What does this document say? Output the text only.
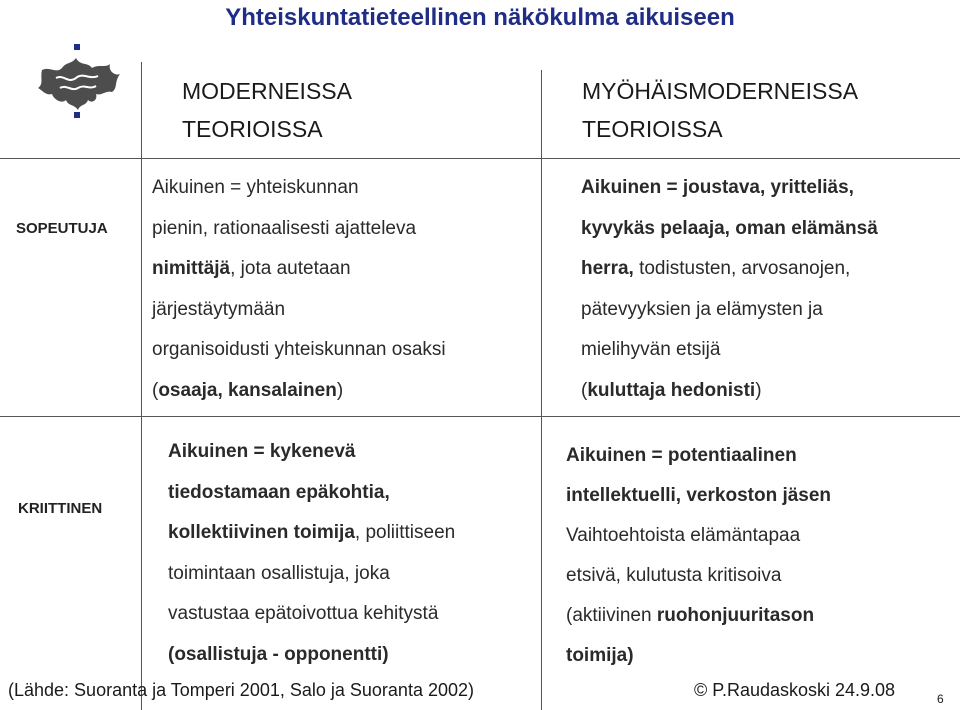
Yhteiskuntatieteellinen näkökulma aikuiseen
MODERNEISSA
TEORIOISSA
MYÖHÄISMODERNEISSA
TEORIOISSA
SOPEUTUJA
KRIITTINEN
Aikuinen = yhteiskunnan
pienin, rationaalisesti ajatteleva
nimittäjä, jota autetaan
järjestäytymään
organisoidusti yhteiskunnan osaksi
(osaaja, kansalainen)
Aikuinen = joustava, yritteliäs,
kyvykäs pelaaja, oman elämänsä
herra, todistusten, arvosanojen,
pätevyyksien ja elämysten ja
mielihyvän etsijä
(kuluttaja hedonisti)
Aikuinen = kykenevä
tiedostamaan epäkohtia,
kollektiivinen toimija, poliittiseen
toimintaan osallistuja, joka
vastustaa epätoivottua kehitystä
(osallistuja - opponentti)
Aikuinen = potentiaalinen
intellektuelli, verkoston jäsen
Vaihtoehtoista elämäntapaa
etsivä, kulutusta kritisoiva
(aktiivinen ruohonjuuritason
toimija)
(Lähde: Suoranta ja Tomperi 2001, Salo ja Suoranta 2002)	© P.Raudaskoski 24.9.08	6
